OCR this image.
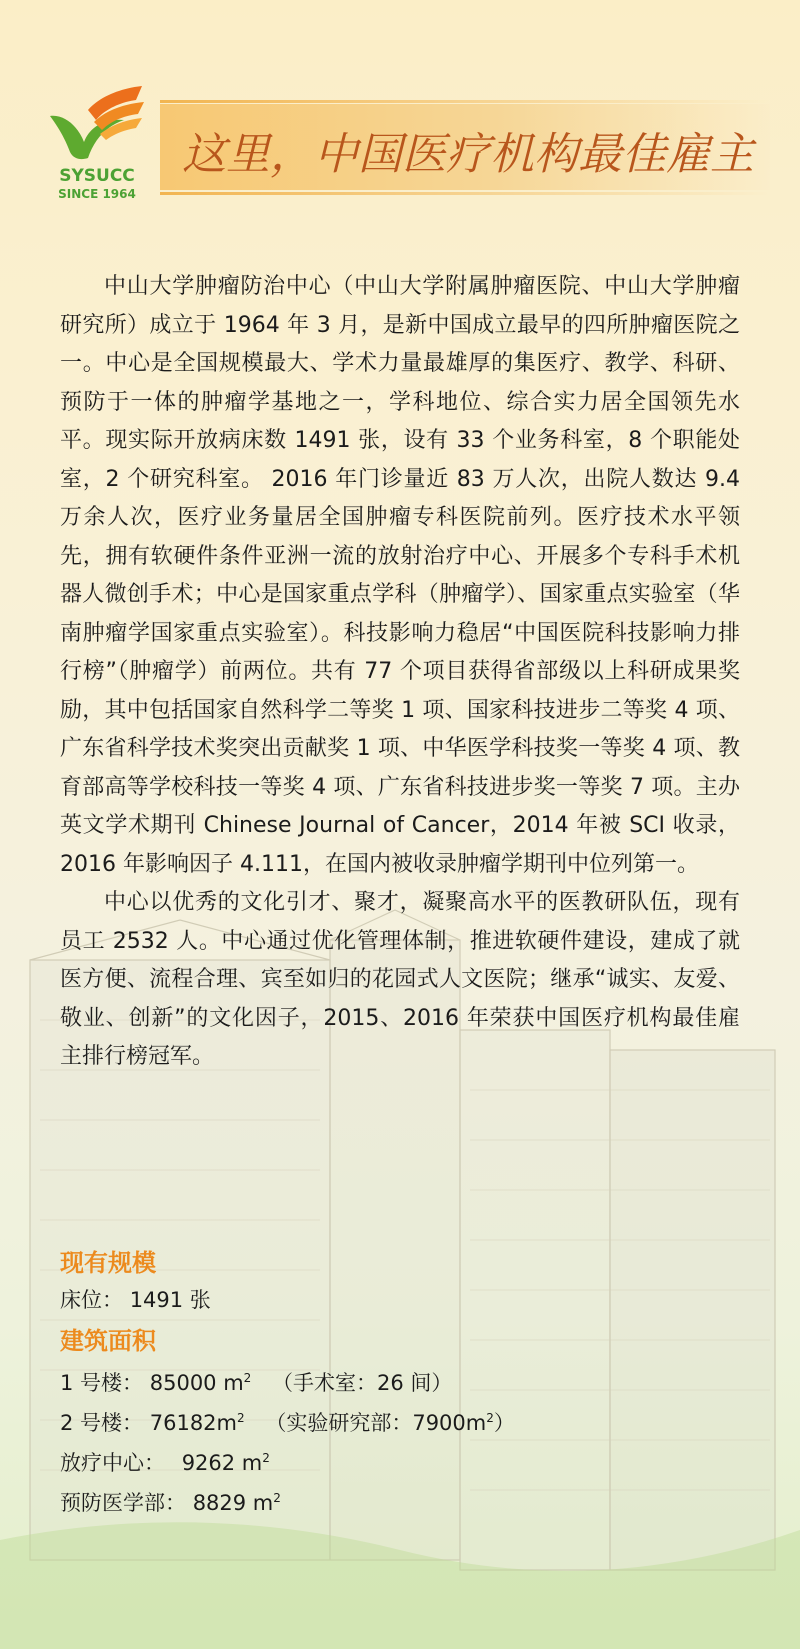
SYSUCC
SINCE 1964
这里，中国医疗机构最佳雇主

中山大学肿瘤防治中心（中山大学附属肿瘤医院、中山大学肿瘤研究所）成立于 1964 年 3 月，是新中国成立最早的四所肿瘤医院之一。中心是全国规模最大、学术力量最雄厚的集医疗、教学、科研、预防于一体的肿瘤学基地之一，学科地位、综合实力居全国领先水平。现实际开放病床数 1491 张，设有 33 个业务科室，8 个职能处室，2 个研究科室。 2016 年门诊量近 83 万人次，出院人数达 9.4 万余人次，医疗业务量居全国肿瘤专科医院前列。医疗技术水平领先，拥有软硬件条件亚洲一流的放射治疗中心、开展多个专科手术机器人微创手术；中心是国家重点学科（肿瘤学）、国家重点实验室（华南肿瘤学国家重点实验室）。科技影响力稳居“中国医院科技影响力排行榜”（肿瘤学）前两位。共有 77 个项目获得省部级以上科研成果奖励，其中包括国家自然科学二等奖 1 项、国家科技进步二等奖 4 项、广东省科学技术奖突出贡献奖 1 项、中华医学科技奖一等奖 4 项、教育部高等学校科技一等奖 4 项、广东省科技进步奖一等奖 7 项。主办英文学术期刊 Chinese Journal of Cancer，2014 年被 SCI 收录，2016 年影响因子 4.111，在国内被收录肿瘤学期刊中位列第一。

中心以优秀的文化引才、聚才，凝聚高水平的医教研队伍，现有员工 2532 人。中心通过优化管理体制，推进软硬件建设，建成了就医方便、流程合理、宾至如归的花园式人文医院；继承“诚实、友爱、敬业、创新”的文化因子，2015、2016 年荣获中国医疗机构最佳雇主排行榜冠军。

现有规模
床位： 1491 张
建筑面积
1 号楼： 85000 $m^2$ （手术室：26 间）
2 号楼： $76182m^2$ （实验研究部：$7900m^2$）
放疗中心： 9262 $m^2$
预防医学部： 8829 $m^2$
